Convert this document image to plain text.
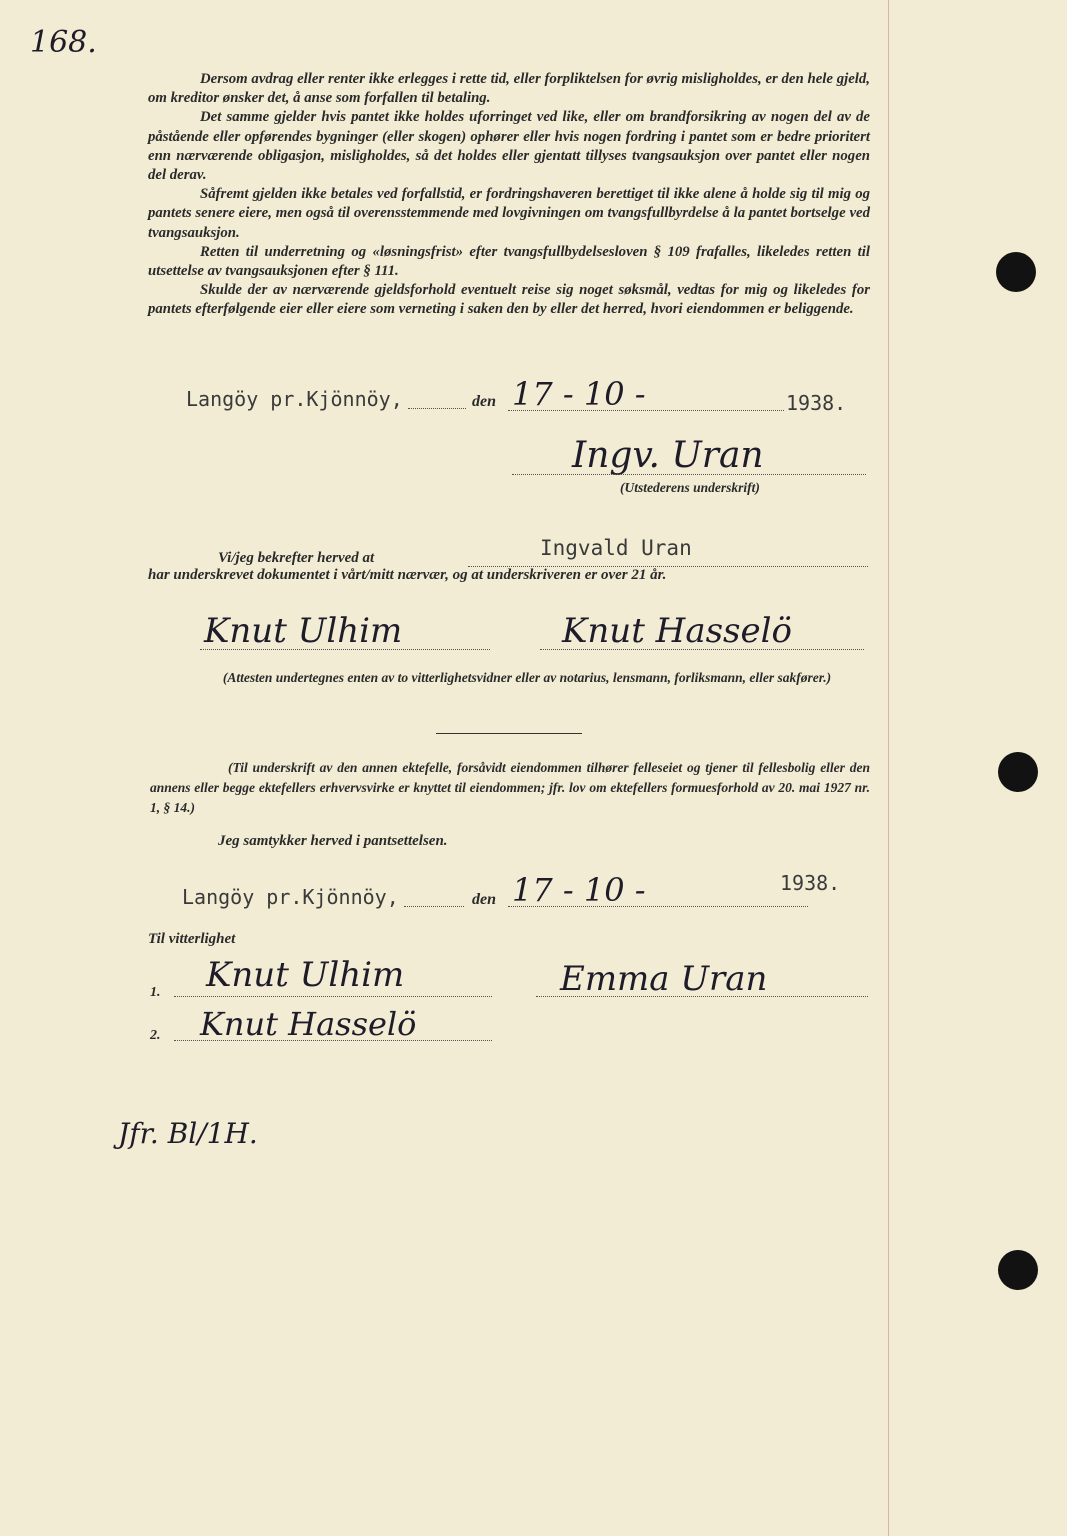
168.

Dersom avdrag eller renter ikke erlegges i rette tid, eller forpliktelsen for øvrig misligholdes, er den hele gjeld, om kreditor ønsker det, å anse som forfallen til betaling.

Det samme gjelder hvis pantet ikke holdes uforringet ved like, eller om brandforsikring av nogen del av de påstående eller opførendes bygninger (eller skogen) ophører eller hvis nogen fordring i pantet som er bedre prioritert enn nærværende obligasjon, misligholdes, så det holdes eller gjentatt tillyses tvangsauksjon over pantet eller nogen del derav.

Såfremt gjelden ikke betales ved forfallstid, er fordringshaveren berettiget til ikke alene å holde sig til mig og pantets senere eiere, men også til overensstemmende med lovgivningen om tvangsfullbyrdelse å la pantet bortselge ved tvangsauksjon.

Retten til underretning og «løsningsfrist» efter tvangsfullbydelsesloven § 109 frafalles, likeledes retten til utsettelse av tvangsauksjonen efter § 111.

Skulde der av nærværende gjeldsforhold eventuelt reise sig noget søksmål, vedtas for mig og likeledes for pantets efterfølgende eier eller eiere som verneting i saken den by eller det herred, hvori eiendommen er beliggende.

Langöy pr.Kjönnöy,	den 17 - 10 -	1938.
Ingv. Uran
(Utstederens underskrift)
Vi/jeg bekrefter herved at	Ingvald Uran
har underskrevet dokumentet i vårt/mitt nærvær, og at underskriveren er over 21 år.
Knut Ulhim	Knut Hasselö
(Attesten undertegnes enten av to vitterlighetsvidner eller av notarius, lensmann, forliksmann, eller sakfører.)
(Til underskrift av den annen ektefelle, forsåvidt eiendommen tilhører felleseiet og tjener til fellesbolig eller den annens eller begge ektefellers erhvervsvirke er knyttet til eiendommen; jfr. lov om ektefellers formuesforhold av 20. mai 1927 nr. 1, § 14.)
Jeg samtykker herved i pantsettelsen.
Langöy pr.Kjönnöy,	den 17 - 10 -	1938.
Til vitterlighet
1. Knut Ulhim	Emma Uran
2. Knut Hasselö
Jfr. Bl/1H.
